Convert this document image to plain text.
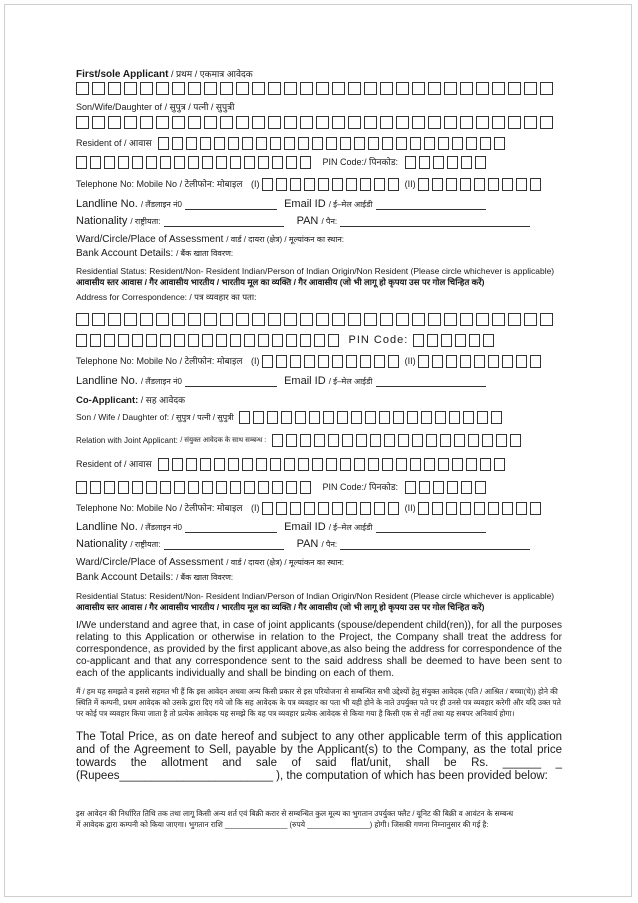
First/sole Applicant / प्रथम / एकमात्र आवेदक
Son/Wife/Daughter of / सुपुत्र / पत्नी / सुपुत्री
Resident of / आवास
PIN Code:/ पिनकोड:
Telephone No: Mobile No / टेलीफोन: मोबाइल (I)	(II)
Landline No. / लैंडलाइन नं0	Email ID / ई–मेल आईडी
Nationality / राष्ट्रीयता:	PAN / पैन:
Ward/Circle/Place of Assessment / वार्ड / दायरा (क्षेत्र) / मूल्यांकन का स्थान:
Bank Account Details: / बैंक खाता विवरण:
Residential Status: Resident/Non- Resident Indian/Person of Indian Origin/Non Resident (Please circle whichever is applicable)
आवासीय स्तर आवास / गैर आवासीय भारतीय / भारतीय मूल का व्यक्ति / गैर आवासीय (जो भी लागू हो कृपया उस पर गोल चिन्हित करें)
Address for Correspondence: / पत्र व्यवहार का पता:
PIN Code:
Telephone No: Mobile No / टेलीफोन: मोबाइल (I)	(II)
Landline No. / लैंडलाइन नं0	Email ID / ई–मेल आईडी
Co-Applicant: / सह आवेदक
Son / Wife / Daughter of: / सुपुत्र / पत्नी / सुपुत्री
Relation with Joint Applicant: / संयुक्त आवेदक के साथ सम्बन्ध :
Resident of / आवास
PIN Code:/ पिनकोड:
Telephone No: Mobile No / टेलीफोन: मोबाइल (I)	(II)
Landline No. / लैंडलाइन नं0	Email ID / ई–मेल आईडी
Nationality / राष्ट्रीयता:	PAN / पैन:
Ward/Circle/Place of Assessment / वार्ड / दायरा (क्षेत्र) / मूल्यांकन का स्थान:
Bank Account Details: / बैंक खाता विवरण:
Residential Status: Resident/Non- Resident Indian/Person of Indian Origin/Non Resident (Please circle whichever is applicable)
आवासीय स्तर आवास / गैर आवासीय भारतीय / भारतीय मूल का व्यक्ति / गैर आवासीय (जो भी लागू हो कृपया उस पर गोल चिन्हित करें)
I/We understand and agree that, in case of joint applicants (spouse/dependent child(ren)), for all the purposes relating to this Application or otherwise in relation to the Project, the Company shall treat the address for correspondence, as provided by the first applicant above,as also being the address for correspondence of the co-applicant and that any correspondence sent to the said address shall be deemed to have been sent to each of the applicants individually and shall be binding on each of them.
मैं / हम यह समझते व इससे सहमत भी हैं कि इस आवेदन अथवा अन्य किसी प्रकार से इस परियोजना से सम्बन्धित सभी उद्देश्यों हेतु संयुक्त आवेदक (पति / आश्रित / बच्चा(चे)) होने की स्थिति में कम्पनी, प्रथम आवेदक को उसके द्वारा दिए गये जो कि सह आवेदक के पत्र व्यवहार का पता भी यही होने के नाते उपर्युक्त पते पर ही उनसे पत्र व्यवहार करेगी और यदि उक्त पते पर कोई पत्र व्यवहार किया जाता है तो प्रत्येक आवेदक यह समझे कि वह पत्र व्यवहार प्रत्येक आवेदक से किया गया है किसी एक से नहीं तथा यह सबपर अनिवार्य होगा।
The Total Price, as on date hereof and subject to any other applicable term of this application and of the Agreement to Sell, payable by the Applicant(s) to the Company, as the total price towards the allotment and sale of said flat/unit, shall be Rs. ______ _ (Rupees________________________ ), the computation of which has been provided below:
इस आवेदन की निर्धारित तिथि तक तथा लागू किसी अन्य शर्त एवं बिक्री करार से सम्बन्धित कुल मूल्य का भुगतान उपर्युक्त फ्लैट / यूनिट की बिक्री व आवंटन के सम्बन्ध
में आवेदक द्वारा कम्पनी को किया जाएगा। भुगतान राशि _______________ (रुपये _______________) होगी। जिसकी गणना निम्नानुसार की गई है:
